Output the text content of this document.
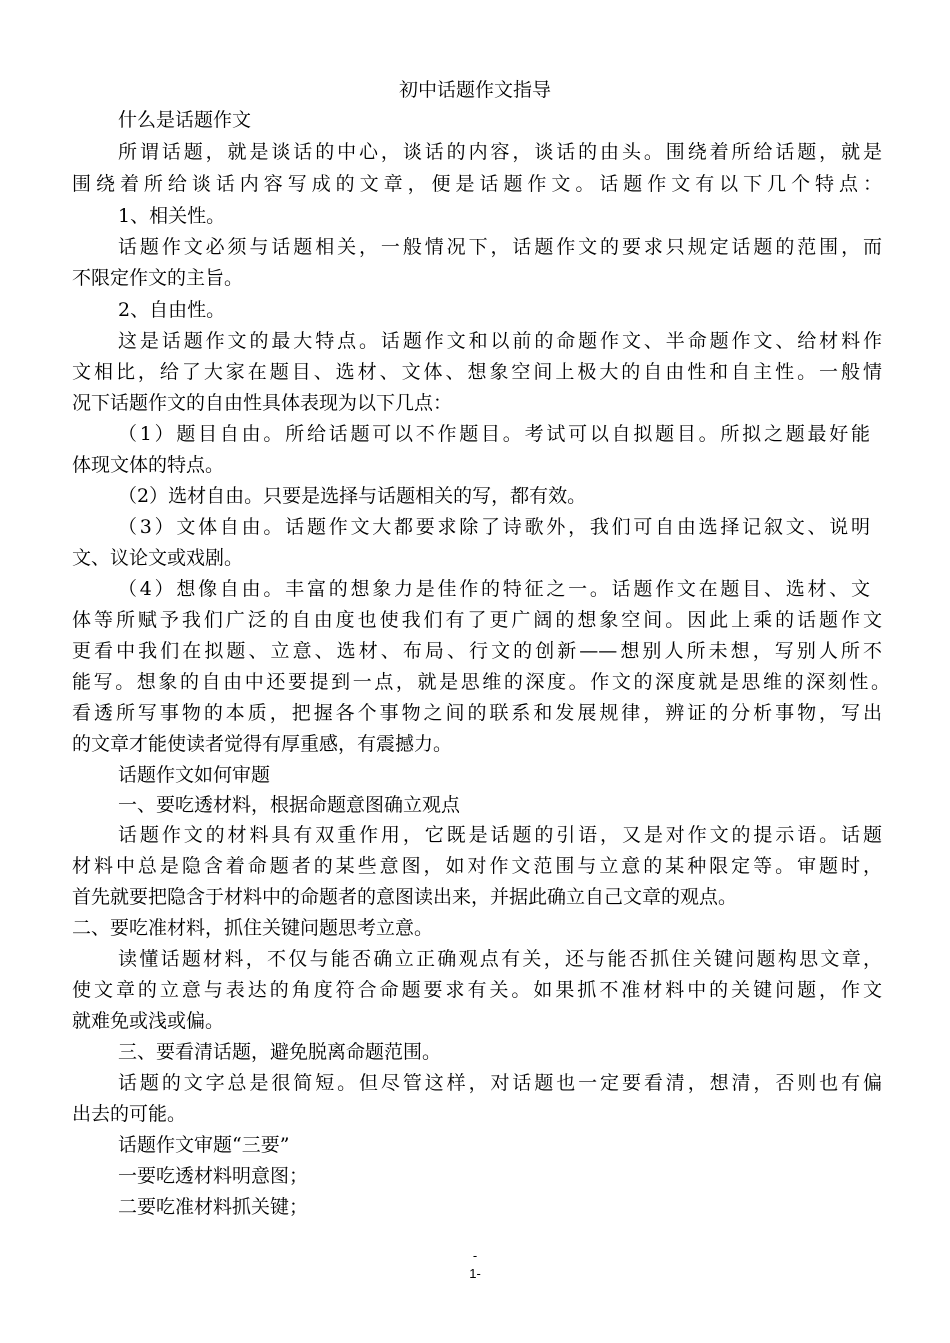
初中话题作文指导
什么是话题作文
所谓话题，就是谈话的中心，谈话的内容，谈话的由头。围绕着所给话题，就是
围绕着所给谈话内容写成的文章，便是话题作文。话题作文有以下几个特点：
1、相关性。
话题作文必须与话题相关，一般情况下，话题作文的要求只规定话题的范围，而
不限定作文的主旨。
2、自由性。
这是话题作文的最大特点。话题作文和以前的命题作文、半命题作文、给材料作
文相比，给了大家在题目、选材、文体、想象空间上极大的自由性和自主性。一般情
况下话题作文的自由性具体表现为以下几点：
（1）题目自由。所给话题可以不作题目。考试可以自拟题目。所拟之题最好能
体现文体的特点。
（2）选材自由。只要是选择与话题相关的写，都有效。
（3）文体自由。话题作文大都要求除了诗歌外，我们可自由选择记叙文、说明
文、议论文或戏剧。
（4）想像自由。丰富的想象力是佳作的特征之一。话题作文在题目、选材、文
体等所赋予我们广泛的自由度也使我们有了更广阔的想象空间。因此上乘的话题作文
更看中我们在拟题、立意、选材、布局、行文的创新——想别人所未想，写别人所不
能写。想象的自由中还要提到一点，就是思维的深度。作文的深度就是思维的深刻性。
看透所写事物的本质，把握各个事物之间的联系和发展规律，辨证的分析事物，写出
的文章才能使读者觉得有厚重感，有震撼力。
话题作文如何审题
一、要吃透材料，根据命题意图确立观点
话题作文的材料具有双重作用，它既是话题的引语，又是对作文的提示语。话题
材料中总是隐含着命题者的某些意图，如对作文范围与立意的某种限定等。审题时，
首先就要把隐含于材料中的命题者的意图读出来，并据此确立自己文章的观点。
二、要吃准材料，抓住关键问题思考立意。
读懂话题材料，不仅与能否确立正确观点有关，还与能否抓住关键问题构思文章，
使文章的立意与表达的角度符合命题要求有关。如果抓不准材料中的关键问题，作文
就难免或浅或偏。
三、要看清话题，避免脱离命题范围。
话题的文字总是很简短。但尽管这样，对话题也一定要看清，想清，否则也有偏
出去的可能。
话题作文审题“三要”
一要吃透材料明意图；
二要吃准材料抓关键；
-
1-
